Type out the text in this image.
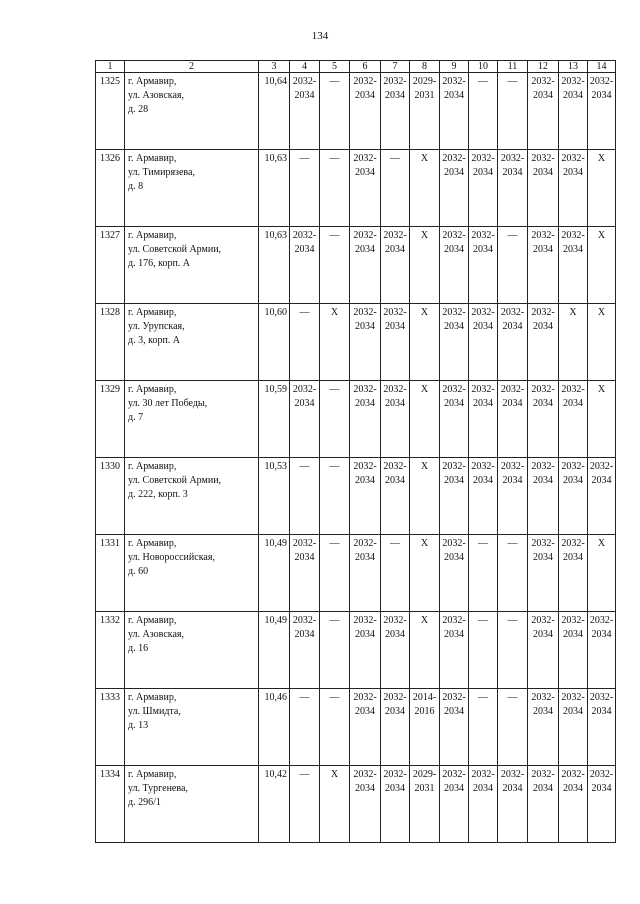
134
1	2	3	4	5	6	7	8	9	10	11	12	13	14
1325	г. Армавир,
ул. Азовская,
д. 28	10,64	2032-
2034	—	2032-
2034	2032-
2034	2029-
2031	2032-
2034	—	—	2032-
2034	2032-
2034	2032-
2034
1326	г. Армавир,
ул. Тимирязева,
д. 8	10,63	—	—	2032-
2034	—	X	2032-
2034	2032-
2034	2032-
2034	2032-
2034	2032-
2034	X
1327	г. Армавир,
ул. Советской Армии,
д. 176, корп. А	10,63	2032-
2034	—	2032-
2034	2032-
2034	X	2032-
2034	2032-
2034	—	2032-
2034	2032-
2034	X
1328	г. Армавир,
ул. Урупская,
д. 3, корп. А	10,60	—	X	2032-
2034	2032-
2034	X	2032-
2034	2032-
2034	2032-
2034	2032-
2034	X	X
1329	г. Армавир,
ул. 30 лет Победы,
д. 7	10,59	2032-
2034	—	2032-
2034	2032-
2034	X	2032-
2034	2032-
2034	2032-
2034	2032-
2034	2032-
2034	X
1330	г. Армавир,
ул. Советской Армии,
д. 222, корп. 3	10,53	—	—	2032-
2034	2032-
2034	X	2032-
2034	2032-
2034	2032-
2034	2032-
2034	2032-
2034	2032-
2034
1331	г. Армавир,
ул. Новороссийская,
д. 60	10,49	2032-
2034	—	2032-
2034	—	X	2032-
2034	—	—	2032-
2034	2032-
2034	X
1332	г. Армавир,
ул. Азовская,
д. 16	10,49	2032-
2034	—	2032-
2034	2032-
2034	X	2032-
2034	—	—	2032-
2034	2032-
2034	2032-
2034
1333	г. Армавир,
ул. Шмидта,
д. 13	10,46	—	—	2032-
2034	2032-
2034	2014-
2016	2032-
2034	—	—	2032-
2034	2032-
2034	2032-
2034
1334	г. Армавир,
ул. Тургенева,
д. 296/1	10,42	—	X	2032-
2034	2032-
2034	2029-
2031	2032-
2034	2032-
2034	2032-
2034	2032-
2034	2032-
2034	2032-
2034
